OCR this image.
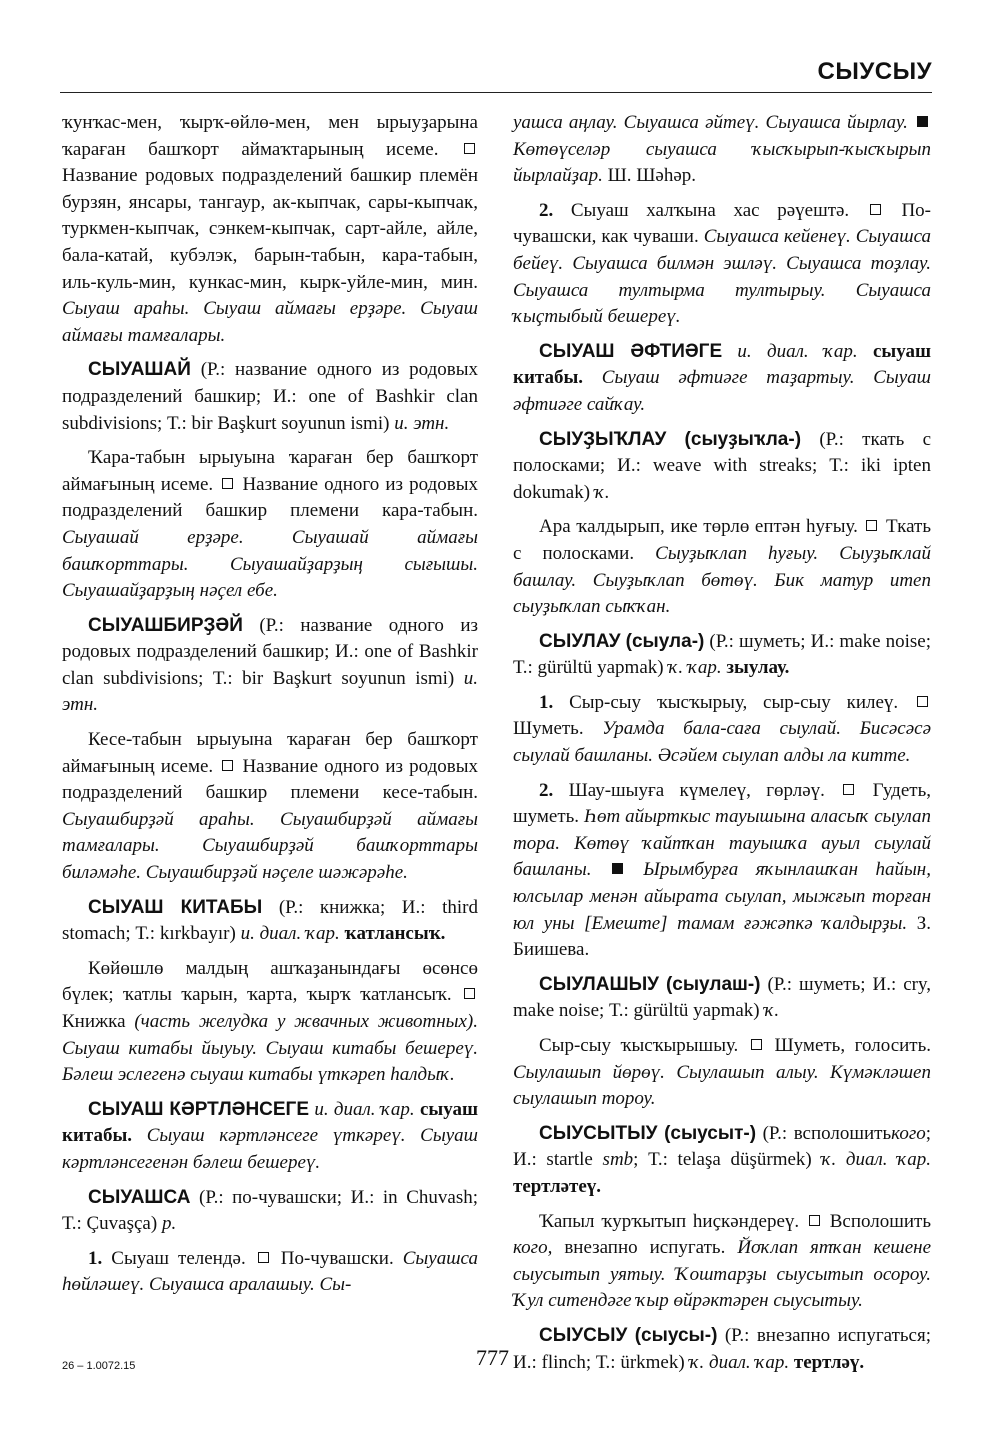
СЫУСЫУ

ҡунҡас-мен, ҡырҡ-өйлө-мен, мен ырыуҙарына ҡараған башҡорт аймаҡтарының исеме.  Название родовых подразделений башкир племён бурзян, янсары, тангаур, ак-кыпчак, сары-кыпчак, туркмен-кыпчак, сэнкем-кыпчак, сарт-айле, айле, бала-катай, кубэлэк, барын-табын, кара-табын, иль-куль-мин, кункас-мин, кырк-уйле-мин, мин. Сыуаш араһы. Сыуаш аймағы ерҙәре. Сыуаш аймағы тамғалары.

СЫУАШАЙ (Р.: название одного из родовых подразделений башкир; И.: one of Bashkir clan subdivisions; Т.: bir Başkurt soyunun ismi) и. этн.

Ҡара-табын ырыуына ҡараған бер башҡорт аймағының исеме. Название одного из родовых подразделений башкир племени кара-табын. Сыуашай ерҙәре. Сыуашай аймағы башҡорттары. Сыуашайҙарҙың сығышы. Сыуашайҙарҙың нәҫел ебе.

СЫУАШБИРҘӘЙ (Р.: название одного из родовых подразделений башкир; И.: one of Bashkir clan subdivisions; Т.: bir Başkurt soyunun ismi) и. этн.

Кесе-табын ырыуына ҡараған бер башҡорт аймағының исеме. Название одного из родовых подразделений башкир племени кесе-табын. Сыуашбирҙәй араһы. Сыуашбирҙәй аймағы тамғалары. Сыуашбирҙәй башҡорттары биләмәһе. Сыуашбирҙәй нәҫеле шәжәрәһе.

СЫУАШ КИТАБЫ (Р.: книжка; И.: third stomach; Т.: kırkbayır) и. диал. ҡар. ҡатлансыҡ.

Көйөшлө малдың ашҡаҙанындағы өсөнсө бүлек; ҡатлы ҡарын, ҡарта, ҡырҡ ҡатлансыҡ.  Книжка (часть желудка у жвачных животных). Сыуаш китабы йыуыу. Сыуаш китабы бешереү. Бәлеш эслегенә сыуаш китабы үткәреп һалдыҡ.

СЫУАШ КӘРТЛӘНСЕГЕ и. диал. ҡар. сыуаш китабы. Сыуаш кәртләнсеге үткәреү. Сыуаш кәртләнсегенән бәлеш бешереү.

СЫУАШСА (Р.: по-чувашски; И.: in Chuvash; Т.: Çuvaşça) р.

1. Сыуаш телендә. По-чувашски. Сыуашса һөйләшеү. Сыуашса аралашыу. Сы-

уашса аңлау. Сыуашса әйтеү. Сыуашса йырлау.  Көтөүселәр сыуашса ҡысҡырып-ҡысҡырып йырлайҙар. Ш. Шәһәр.

2. Сыуаш халҡына хас рәүештә.	По-чувашски, как чуваши. Сыуашса кейенеү. Сыуашса бейеү. Сыуашса билмән эшләү. Сыуашса тоҙлау. Сыуашса тултырма тултырыу. Сыуашса ҡыҫтыбый бешереү.

СЫУАШ ӘФТИӘГЕ и. диал. ҡар. сыуаш китабы. Сыуаш әфтиәге таҙартыу. Сыуаш әфтиәге сайҡау.

СЫУҘЫҠЛАУ (сыуҙыҡла-) (Р.: ткать с полосками; И.: weave with streaks; Т.: iki ipten dokumak) ҡ.

Ара ҡалдырып, ике төрлө ептән һуғыу. Ткать с полосками. Сыуҙыҡлап һуғыу. Сыуҙыҡлай башлау. Сыуҙыҡлап бөтөү. Бик матур итеп сыуҙыҡлап сыҡҡан.

СЫУЛАУ (сыула-) (Р.: шуметь; И.: make noise; Т.: gürültü yapmak) ҡ. ҡар. зыулау.

1. Сыр-сыу ҡысҡырыу, сыр-сыу килеү.  Шуметь. Урамда бала-саға сыулай. Бисәсәсә сыулай башланы. Әсәйем сыулап алды ла китте.

2. Шау-шыуға күмелеү, гөрләү.	Гудеть, шуметь. Һөт айырткыс тауышына аласыҡ сыулап тора. Көтөү ҡайтҡан тауышҡа ауыл сыулай башланы.	Ырымбурға яҡынлашҡан һайын, юлсылар менән айырата сыулап, мыжғып торған юл уны [Емеште] тамам ғәжәпкә ҡалдырҙы. З. Биишева.

СЫУЛАШЫУ (сыулаш-) (Р.: шуметь; И.: cry, make noise; Т.: gürültü yapmak) ҡ.

Сыр-сыу ҡысҡырышыу. Шуметь, голосить. Сыулашып йөрөү. Сыулашып алыу. Күмәкләшеп сыулашып тороу.

СЫУСЫТЫУ (сыусыт-) (Р.: всполошитького; И.: startle smb; Т.: telaşa düşürmek) ҡ. диал. ҡар. тертләтеү.

Ҡапыл ҡурҡытып һиҫкәндереү. Всполошить кого, внезапно испугать. Йоҡлап ятҡан кешене сыусытып уятыу. Ҡоштарҙы сыусытып осороу. Ҡул ситендәге ҡыр өйрәктәрен сыусытыу.

СЫУСЫУ (сыусы-) (Р.: внезапно испугаться; И.: flinch; Т.: ürkmek) ҡ. диал. ҡар. тертләү.

26 – 1.0072.15	777
